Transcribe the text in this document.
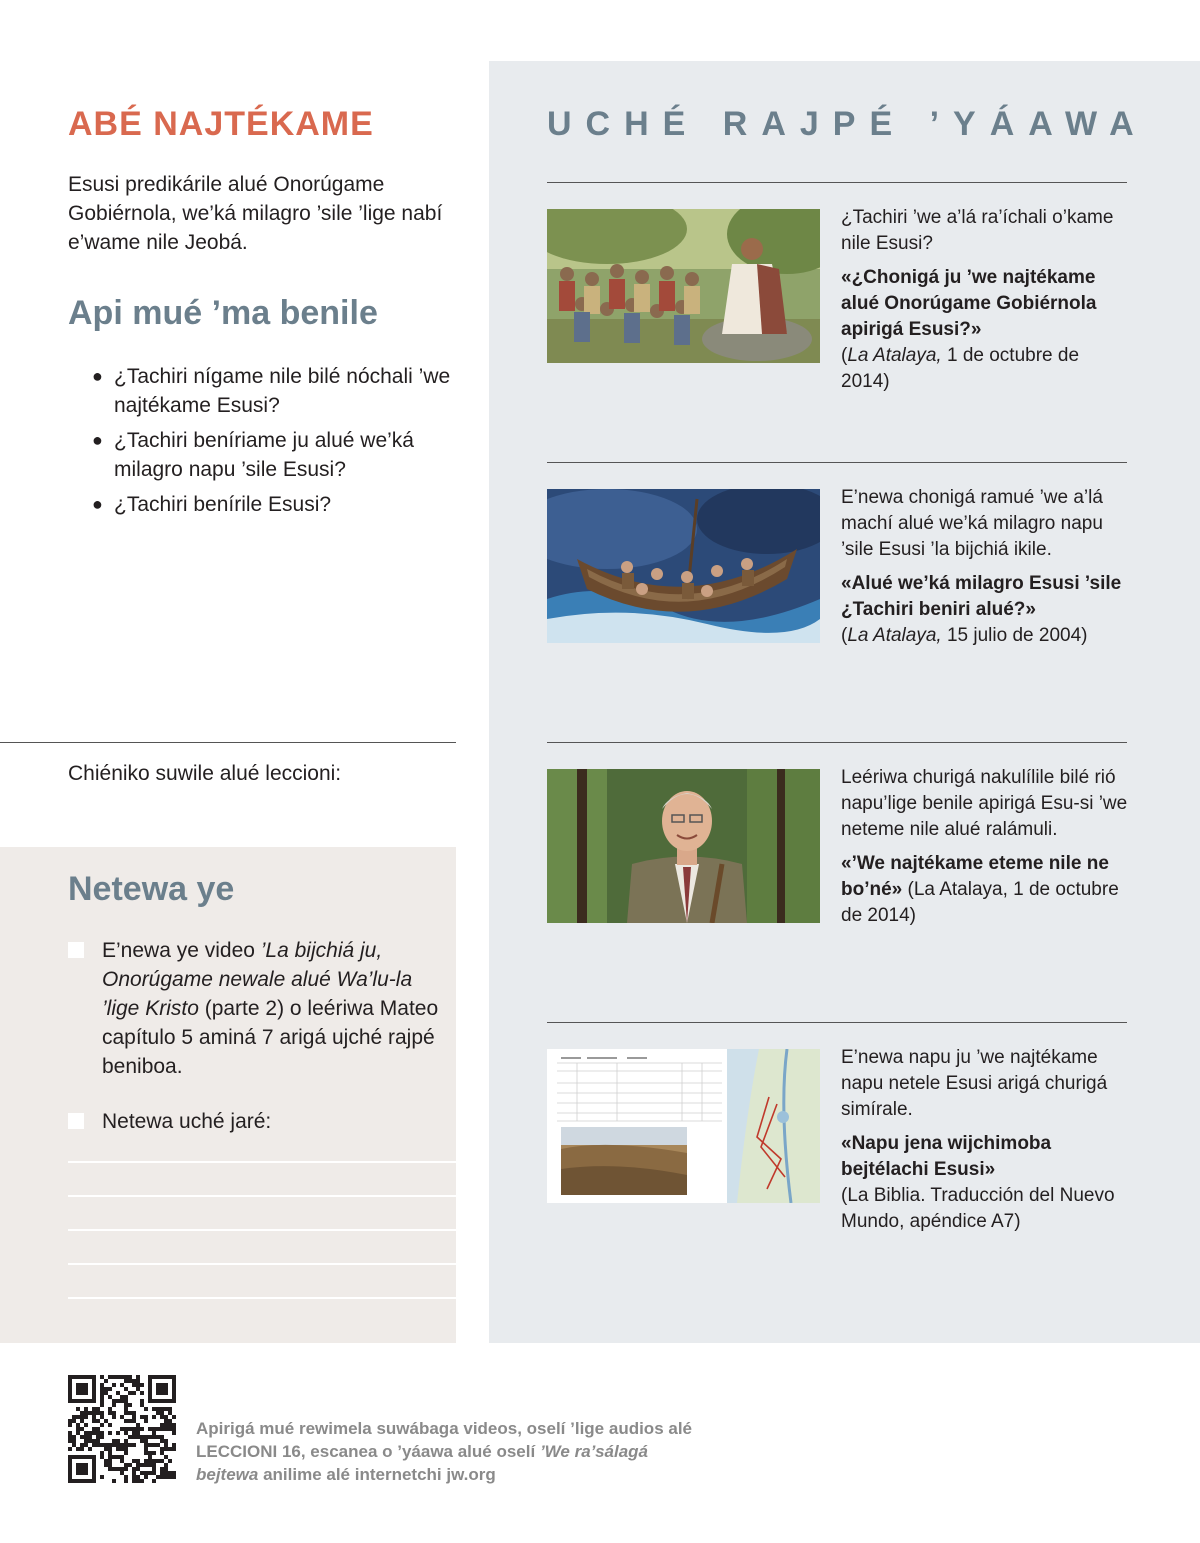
ABÉ NAJTÉKAME

Esusi predikárile alué Onorúgame Gobiérnola, we’ká milagro ’sile ’lige nabí e’wame nile Jeobá.

Api mué ’ma benile
● ¿Tachiri nígame nile bilé nóchali ’we najtékame Esusi?
● ¿Tachiri beníriame ju alué we’ká milagro napu ’sile Esusi?
● ¿Tachiri benírile Esusi?

Chiéniko suwile alué leccioni:

Netewa ye
E’newa ye video ’La bijchiá ju, Onorúgame newale alué Wa’lu-la ’lige Kristo (parte 2) o leériwa Mateo capítulo 5 aminá 7 arigá ujché rajpé beniboa.
Netewa uché jaré:
UCHÉ RAJPÉ ’YÁAWA
¿Tachiri ’we a’lá ra’íchali o’kame nile Esusi?
«¿Chonigá ju ’we najtékame alué Onorúgame Gobiérnola apirigá Esusi?»
(La Atalaya, 1 de octubre de 2014)
E’newa chonigá ramué ’we a’lá machí alué we’ká milagro napu ’sile Esusi ’la bijchiá ikile.
«Alué we’ká milagro Esusi ’sile ¿Tachiri beniri alué?»
(La Atalaya, 15 julio de 2004)
Leériwa churigá nakulílile bilé rió napu’lige benile apirigá Esu-si ’we neteme nile alué ralámuli.
«’We najtékame eteme nile ne bo’né» (La Atalaya, 1 de octubre de 2014)
E’newa napu ju ’we najtékame napu netele Esusi arigá churigá simírale.
«Napu jena wijchimoba bejtélachi Esusi»
(La Biblia. Traducción del Nuevo Mundo, apéndice A7)

Apirigá mué rewimela suwábaga videos, oselí ’lige audios alé LECCIONI 16, escanea o ’yáawa alué oselí ’We ra’sálagá bejtewa anilime alé internetchi jw.org
